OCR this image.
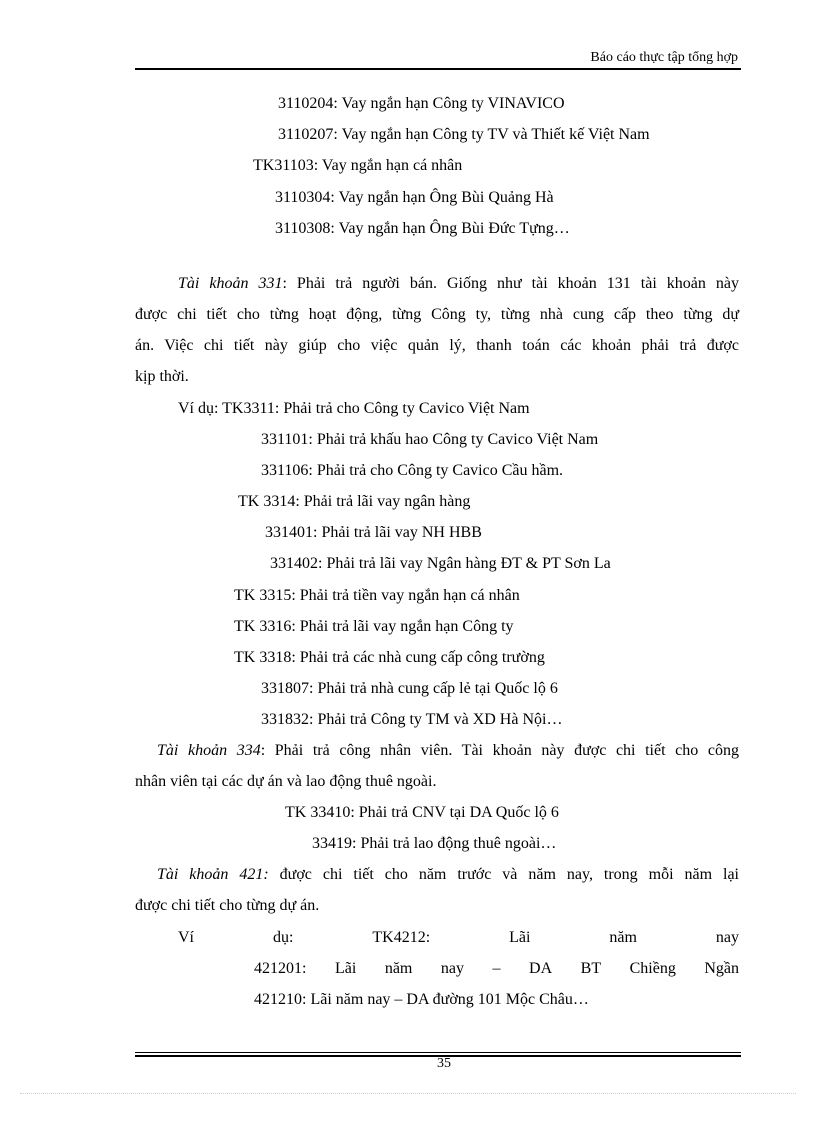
Báo cáo thực tập tổng hợp
3110204: Vay ngắn hạn Công ty VINAVICO
3110207: Vay ngắn hạn Công ty TV và Thiết kế Việt Nam
TK31103: Vay ngắn hạn cá nhân
3110304: Vay ngắn hạn Ông Bùi Quảng Hà
3110308: Vay ngắn hạn Ông Bùi Đức Tựng…
Tài khoản 331: Phải trả người bán. Giống như tài khoản 131 tài khoản này
được chi tiết cho từng hoạt động, từng Công ty, từng nhà cung cấp theo từng dự
án. Việc chi tiết này giúp cho việc quản lý, thanh toán các khoản phải trả được
kịp thời.
Ví dụ: TK3311: Phải trả cho Công ty Cavico Việt Nam
331101: Phải trả khấu hao Công ty Cavico Việt Nam
331106: Phải trả cho Công ty Cavico Cầu hầm.
TK 3314: Phải trả lãi vay ngân hàng
331401: Phải trả lãi vay NH HBB
331402: Phải trả lãi vay Ngân hàng ĐT & PT Sơn La
TK 3315: Phải trả tiền vay ngắn hạn cá nhân
TK 3316: Phải trả lãi vay ngắn hạn Công ty
TK 3318: Phải trả các nhà cung cấp công trường
331807: Phải trả nhà cung cấp lẻ tại Quốc lộ 6
331832: Phải trả Công ty TM và XD Hà Nội…
Tài khoản 334: Phải trả công nhân viên. Tài khoản này được chi tiết cho công
nhân viên tại các dự án và lao động thuê ngoài.
TK 33410: Phải trả CNV tại DA Quốc lộ 6
33419: Phải trả lao động thuê ngoài…
Tài khoản 421: được chi tiết cho năm trước và năm nay, trong mỗi năm lại
được chi tiết cho từng dự án.
Ví	dụ:	TK4212:	Lãi	năm	nay
421201: Lãi năm nay – DA BT Chiềng Ngần
421210: Lãi năm nay – DA đường 101 Mộc Châu…
35
